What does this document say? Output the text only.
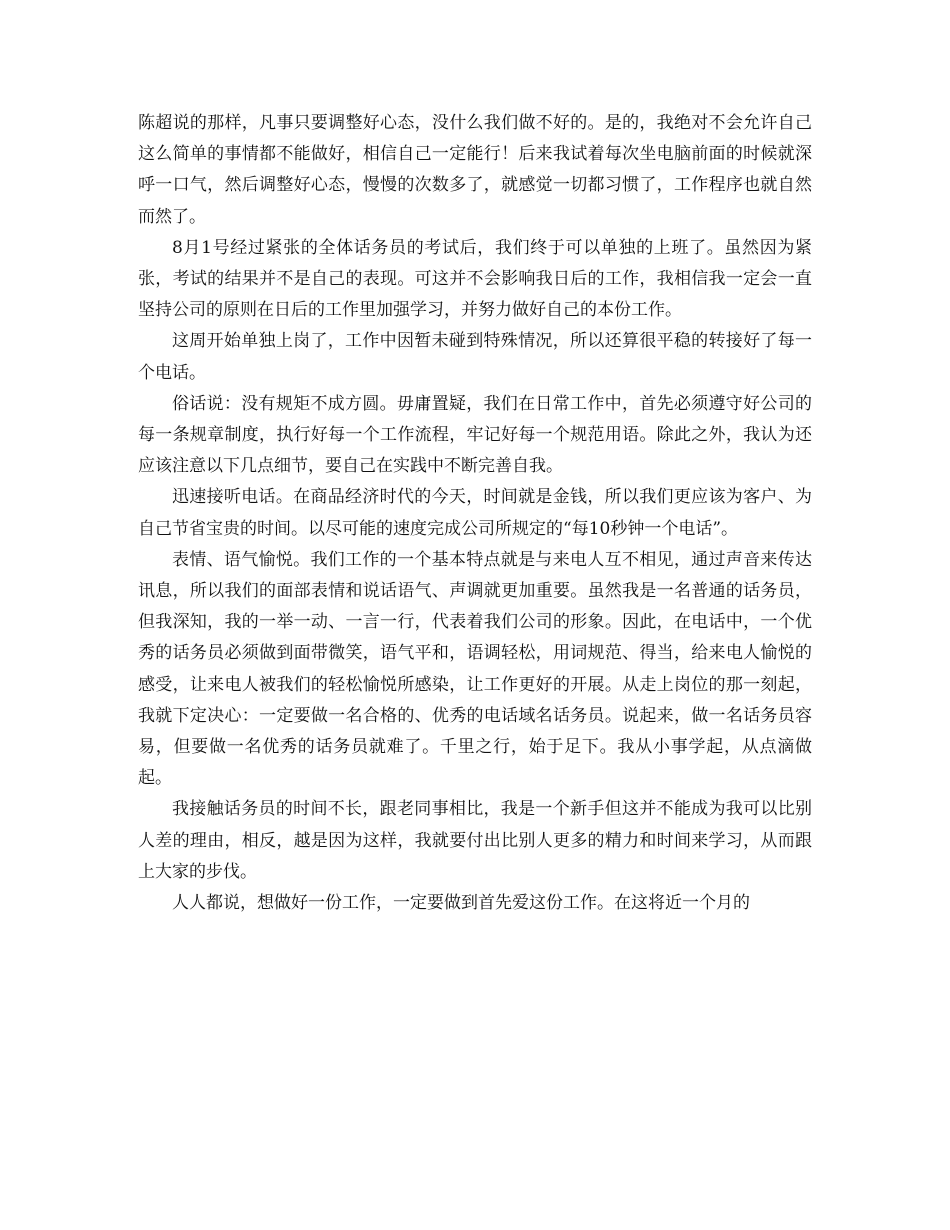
陈超说的那样，凡事只要调整好心态，没什么我们做不好的。是的，我绝对不会允许自己这么简单的事情都不能做好，相信自己一定能行！后来我试着每次坐电脑前面的时候就深呼一口气，然后调整好心态，慢慢的次数多了，就感觉一切都习惯了，工作程序也就自然而然了。

8月1号经过紧张的全体话务员的考试后，我们终于可以单独的上班了。虽然因为紧张，考试的结果并不是自己的表现。可这并不会影响我日后的工作，我相信我一定会一直坚持公司的原则在日后的工作里加强学习，并努力做好自己的本份工作。

这周开始单独上岗了，工作中因暂未碰到特殊情况，所以还算很平稳的转接好了每一个电话。

俗话说：没有规矩不成方圆。毋庸置疑，我们在日常工作中，首先必须遵守好公司的每一条规章制度，执行好每一个工作流程，牢记好每一个规范用语。除此之外，我认为还应该注意以下几点细节，要自己在实践中不断完善自我。

迅速接听电话。在商品经济时代的今天，时间就是金钱，所以我们更应该为客户、为自己节省宝贵的时间。以尽可能的速度完成公司所规定的“每10秒钟一个电话”。

表情、语气愉悦。我们工作的一个基本特点就是与来电人互不相见，通过声音来传达讯息，所以我们的面部表情和说话语气、声调就更加重要。虽然我是一名普通的话务员，但我深知，我的一举一动、一言一行，代表着我们公司的形象。因此，在电话中，一个优秀的话务员必须做到面带微笑，语气平和，语调轻松，用词规范、得当，给来电人愉悦的感受，让来电人被我们的轻松愉悦所感染，让工作更好的开展。从走上岗位的那一刻起，我就下定决心：一定要做一名合格的、优秀的电话域名话务员。说起来，做一名话务员容易，但要做一名优秀的话务员就难了。千里之行，始于足下。我从小事学起，从点滴做起。

我接触话务员的时间不长，跟老同事相比，我是一个新手但这并不能成为我可以比别人差的理由，相反，越是因为这样，我就要付出比别人更多的精力和时间来学习，从而跟上大家的步伐。

人人都说，想做好一份工作，一定要做到首先爱这份工作。在这将近一个月的
